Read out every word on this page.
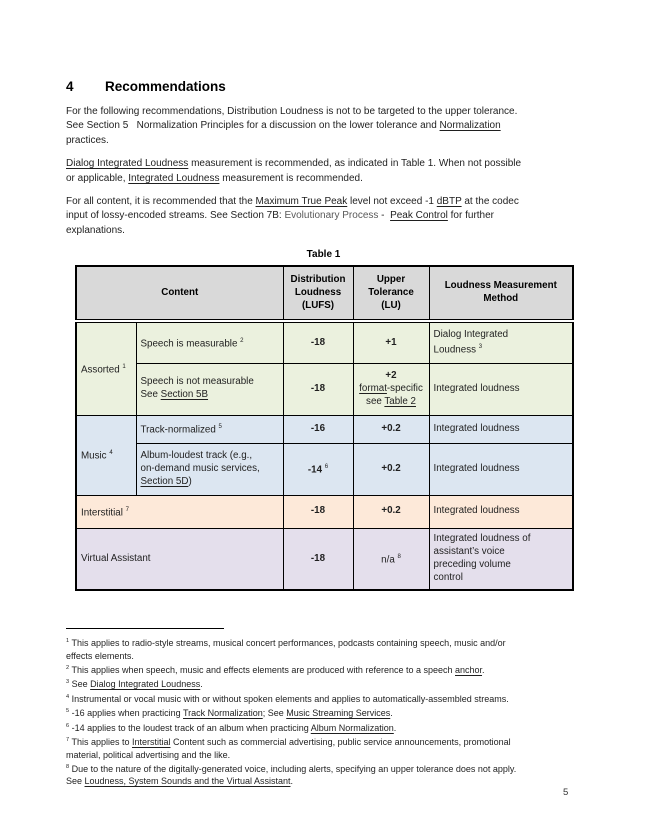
4 Recommendations

For the following recommendations, Distribution Loudness is not to be targeted to the upper tolerance.
See Section 5   Normalization Principles for a discussion on the lower tolerance and Normalization
practices.

Dialog Integrated Loudness measurement is recommended, as indicated in Table 1. When not possible
or applicable, Integrated Loudness measurement is recommended.

For all content, it is recommended that the Maximum True Peak level not exceed -1 dBTP at the codec
input of lossy-encoded streams. See Section 7B: Evolutionary Process -  Peak Control for further
explanations.

Table 1
Content		Distribution
Loudness
(LUFS)	Upper
Tolerance
(LU)	Loudness Measurement
Method
Assorted $^1$	Speech is measurable $^2$	-18	+1	Dialog Integrated
Loudness $^3$
	Speech is not measurable
See Section 5B	-18	+2
format-specific
see Table 2	Integrated loudness
Music $^4$	Track-normalized $^5$	-16	+0.2	Integrated loudness
	Album-loudest track (e.g.,
on-demand music services,
Section 5D)	-14 $^6$	+0.2	Integrated loudness
Interstitial $^7$		-18	+0.2	Integrated loudness
Virtual Assistant		-18	n/a $^8$	Integrated loudness of
assistant’s voice
preceding volume
control

$^1$ This applies to radio-style streams, musical concert performances, podcasts containing speech, music and/or
effects elements.

$^2$ This applies when speech, music and effects elements are produced with reference to a speech anchor.

$^3$ See Dialog Integrated Loudness.

$^4$ Instrumental or vocal music with or without spoken elements and applies to automatically-assembled streams.

$^5$ -16 applies when practicing Track Normalization; See Music Streaming Services.

$^6$ -14 applies to the loudest track of an album when practicing Album Normalization.

$^7$ This applies to Interstitial Content such as commercial advertising, public service announcements, promotional
material, political advertising and the like.

$^8$ Due to the nature of the digitally-generated voice, including alerts, specifying an upper tolerance does not apply.
See Loudness, System Sounds and the Virtual Assistant.

5
